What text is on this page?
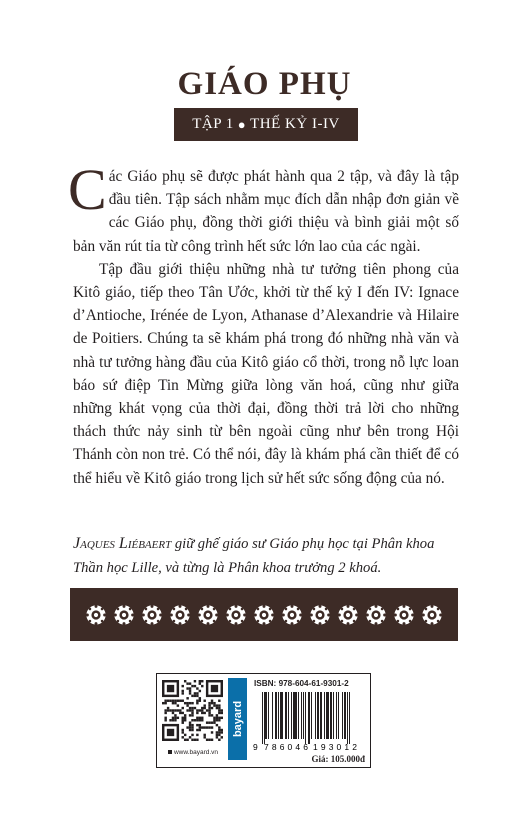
GIÁO PHỤ
TẬP 1 ● THẾ KỶ I-IV

Các Giáo phụ sẽ được phát hành qua 2 tập, và đây là tập đầu tiên. Tập sách nhằm mục đích dẫn nhập đơn giản về các Giáo phụ, đồng thời giới thiệu và bình giải một số bản văn rút tỉa từ công trình hết sức lớn lao của các ngài.

Tập đầu giới thiệu những nhà tư tưởng tiên phong của Kitô giáo, tiếp theo Tân Ước, khởi từ thế kỷ I đến IV: Ignace d’Antioche, Irénée de Lyon, Athanase d’Alexandrie và Hilaire de Poitiers. Chúng ta sẽ khám phá trong đó những nhà văn và nhà tư tưởng hàng đầu của Kitô giáo cổ thời, trong nỗ lực loan báo sứ điệp Tin Mừng giữa lòng văn hoá, cũng như giữa những khát vọng của thời đại, đồng thời trả lời cho những thách thức nảy sinh từ bên ngoài cũng như bên trong Hội Thánh còn non trẻ. Có thể nói, đây là khám phá cần thiết để có thể hiểu về Kitô giáo trong lịch sử hết sức sống động của nó.

Jaques Liébaert giữ ghế giáo sư Giáo phụ học tại Phân khoa Thần học Lille, và từng là Phân khoa trưởng 2 khoá.
www.bayard.vn
bayard
ISBN: 978-604-61-9301-2
9 786046 193012
Giá: 105.000đ
